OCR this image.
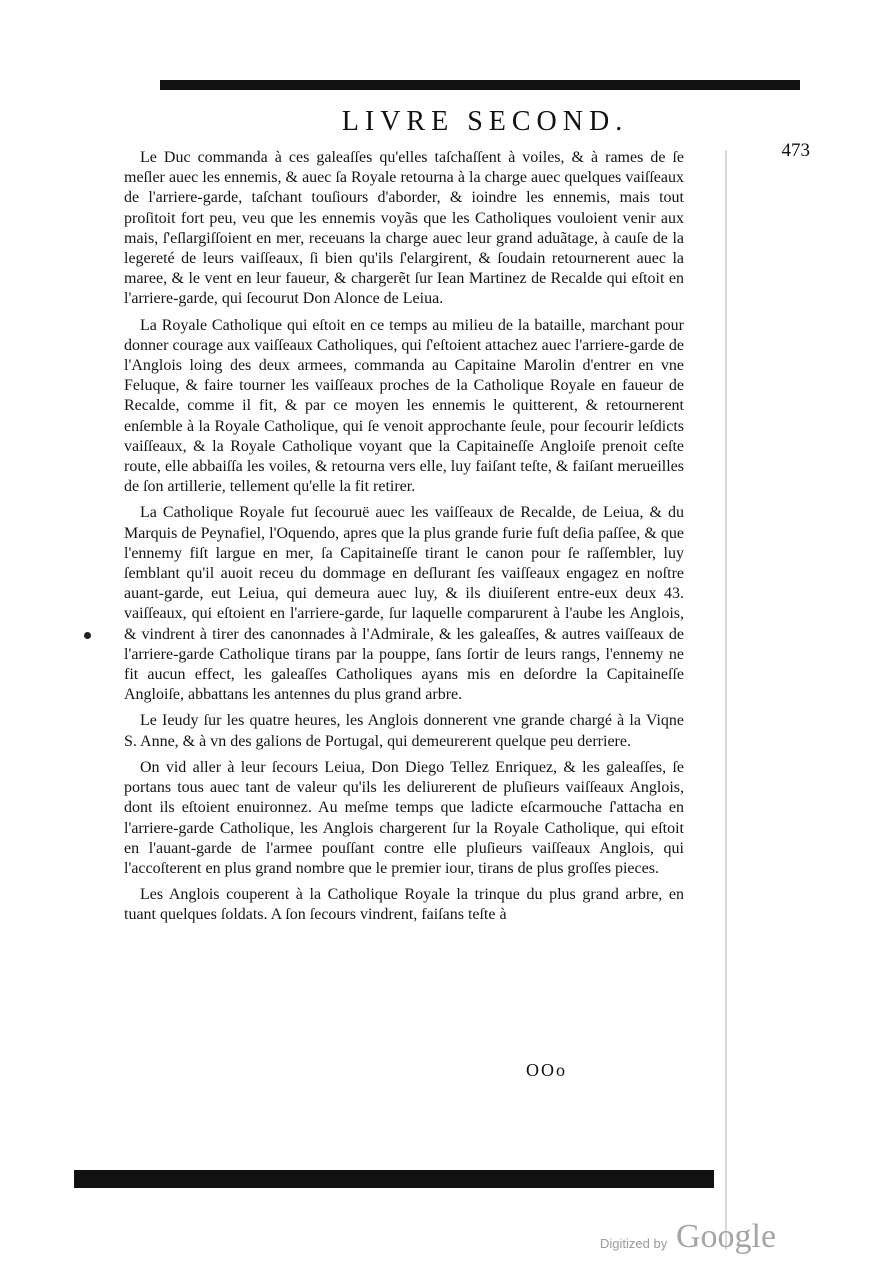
LIVRE SECOND.
473

Le Duc commanda à ces galeaſſes qu'elles taſchaſſent à voiles, & à rames de ſe meſler auec les ennemis, & auec ſa Royale retourna à la charge auec quelques vaiſſeaux de l'arriere-garde, taſchant touſiours d'aborder, & ioindre les ennemis, mais tout proſitoit fort peu, veu que les ennemis voyãs que les Catholiques vouloient venir aux mais, ſ'eſlargiſſoient en mer, receuans la charge auec leur grand aduãtage, à cauſe de la legereté de leurs vaiſſeaux, ſi bien qu'ils ſ'elargirent, & ſoudain retournerent auec la maree, & le vent en leur faueur, & chargerẽt ſur Iean Martinez de Recalde qui eſtoit en l'arriere-garde, qui ſecourut Don Alonce de Leiua.

La Royale Catholique qui eſtoit en ce temps au milieu de la bataille, marchant pour donner courage aux vaiſſeaux Catholiques, qui ſ'eſtoient attachez auec l'arriere-garde de l'Anglois loing des deux armees, commanda au Capitaine Marolin d'entrer en vne Feluque, & faire tourner les vaiſſeaux proches de la Catholique Royale en faueur de Recalde, comme il fit, & par ce moyen les ennemis le quitterent, & retournerent enſemble à la Royale Catholique, qui ſe venoit approchante ſeule, pour ſecourir leſdicts vaiſſeaux, & la Royale Catholique voyant que la Capitaineſſe Angloiſe prenoit ceſte route, elle abbaiſſa les voiles, & retourna vers elle, luy faiſant teſte, & faiſant merueilles de ſon artillerie, tellement qu'elle la fit retirer.

La Catholique Royale fut ſecouruë auec les vaiſſeaux de Recalde, de Leiua, & du Marquis de Peynafiel, l'Oquendo, apres que la plus grande furie fuſt deſia paſſee, & que l'ennemy fiſt largue en mer, ſa Capitaineſſe tirant le canon pour ſe raſſembler, luy ſemblant qu'il auoit receu du dommage en deſlurant ſes vaiſſeaux engagez en noſtre auant-garde, eut Leiua, qui demeura auec luy, & ils diuiſerent entre-eux deux 43. vaiſſeaux, qui eſtoient en l'arriere-garde, ſur laquelle comparurent à l'aube les Anglois, & vindrent à tirer des canonnades à l'Admirale, & les galeaſſes, & autres vaiſſeaux de l'arriere-garde Catholique tirans par la pouppe, ſans ſortir de leurs rangs, l'ennemy ne fit aucun effect, les galeaſſes Catholiques ayans mis en deſordre la Capitaineſſe Angloiſe, abbattans les antennes du plus grand arbre.

Le Ieudy ſur les quatre heures, les Anglois donnerent vne grande chargé à la Viqne S. Anne, & à vn des galions de Portugal, qui demeurerent quelque peu derriere.

On vid aller à leur ſecours Leiua, Don Diego Tellez Enriquez, & les galeaſſes, ſe portans tous auec tant de valeur qu'ils les deliurerent de pluſieurs vaiſſeaux Anglois, dont ils eſtoient enuironnez. Au meſme temps que ladicte eſcarmouche ſ'attacha en l'arriere-garde Catholique, les Anglois chargerent ſur la Royale Catholique, qui eſtoit en l'auant-garde de l'armee pouſſant contre elle pluſieurs vaiſſeaux Anglois, qui l'accoſterent en plus grand nombre que le premier iour, tirans de plus groſſes pieces.

Les Anglois couperent à la Catholique Royale la trinque du plus grand arbre, en tuant quelques ſoldats. A ſon ſecours vindrent, faiſans teſte à

OOo
Digitized by Google
